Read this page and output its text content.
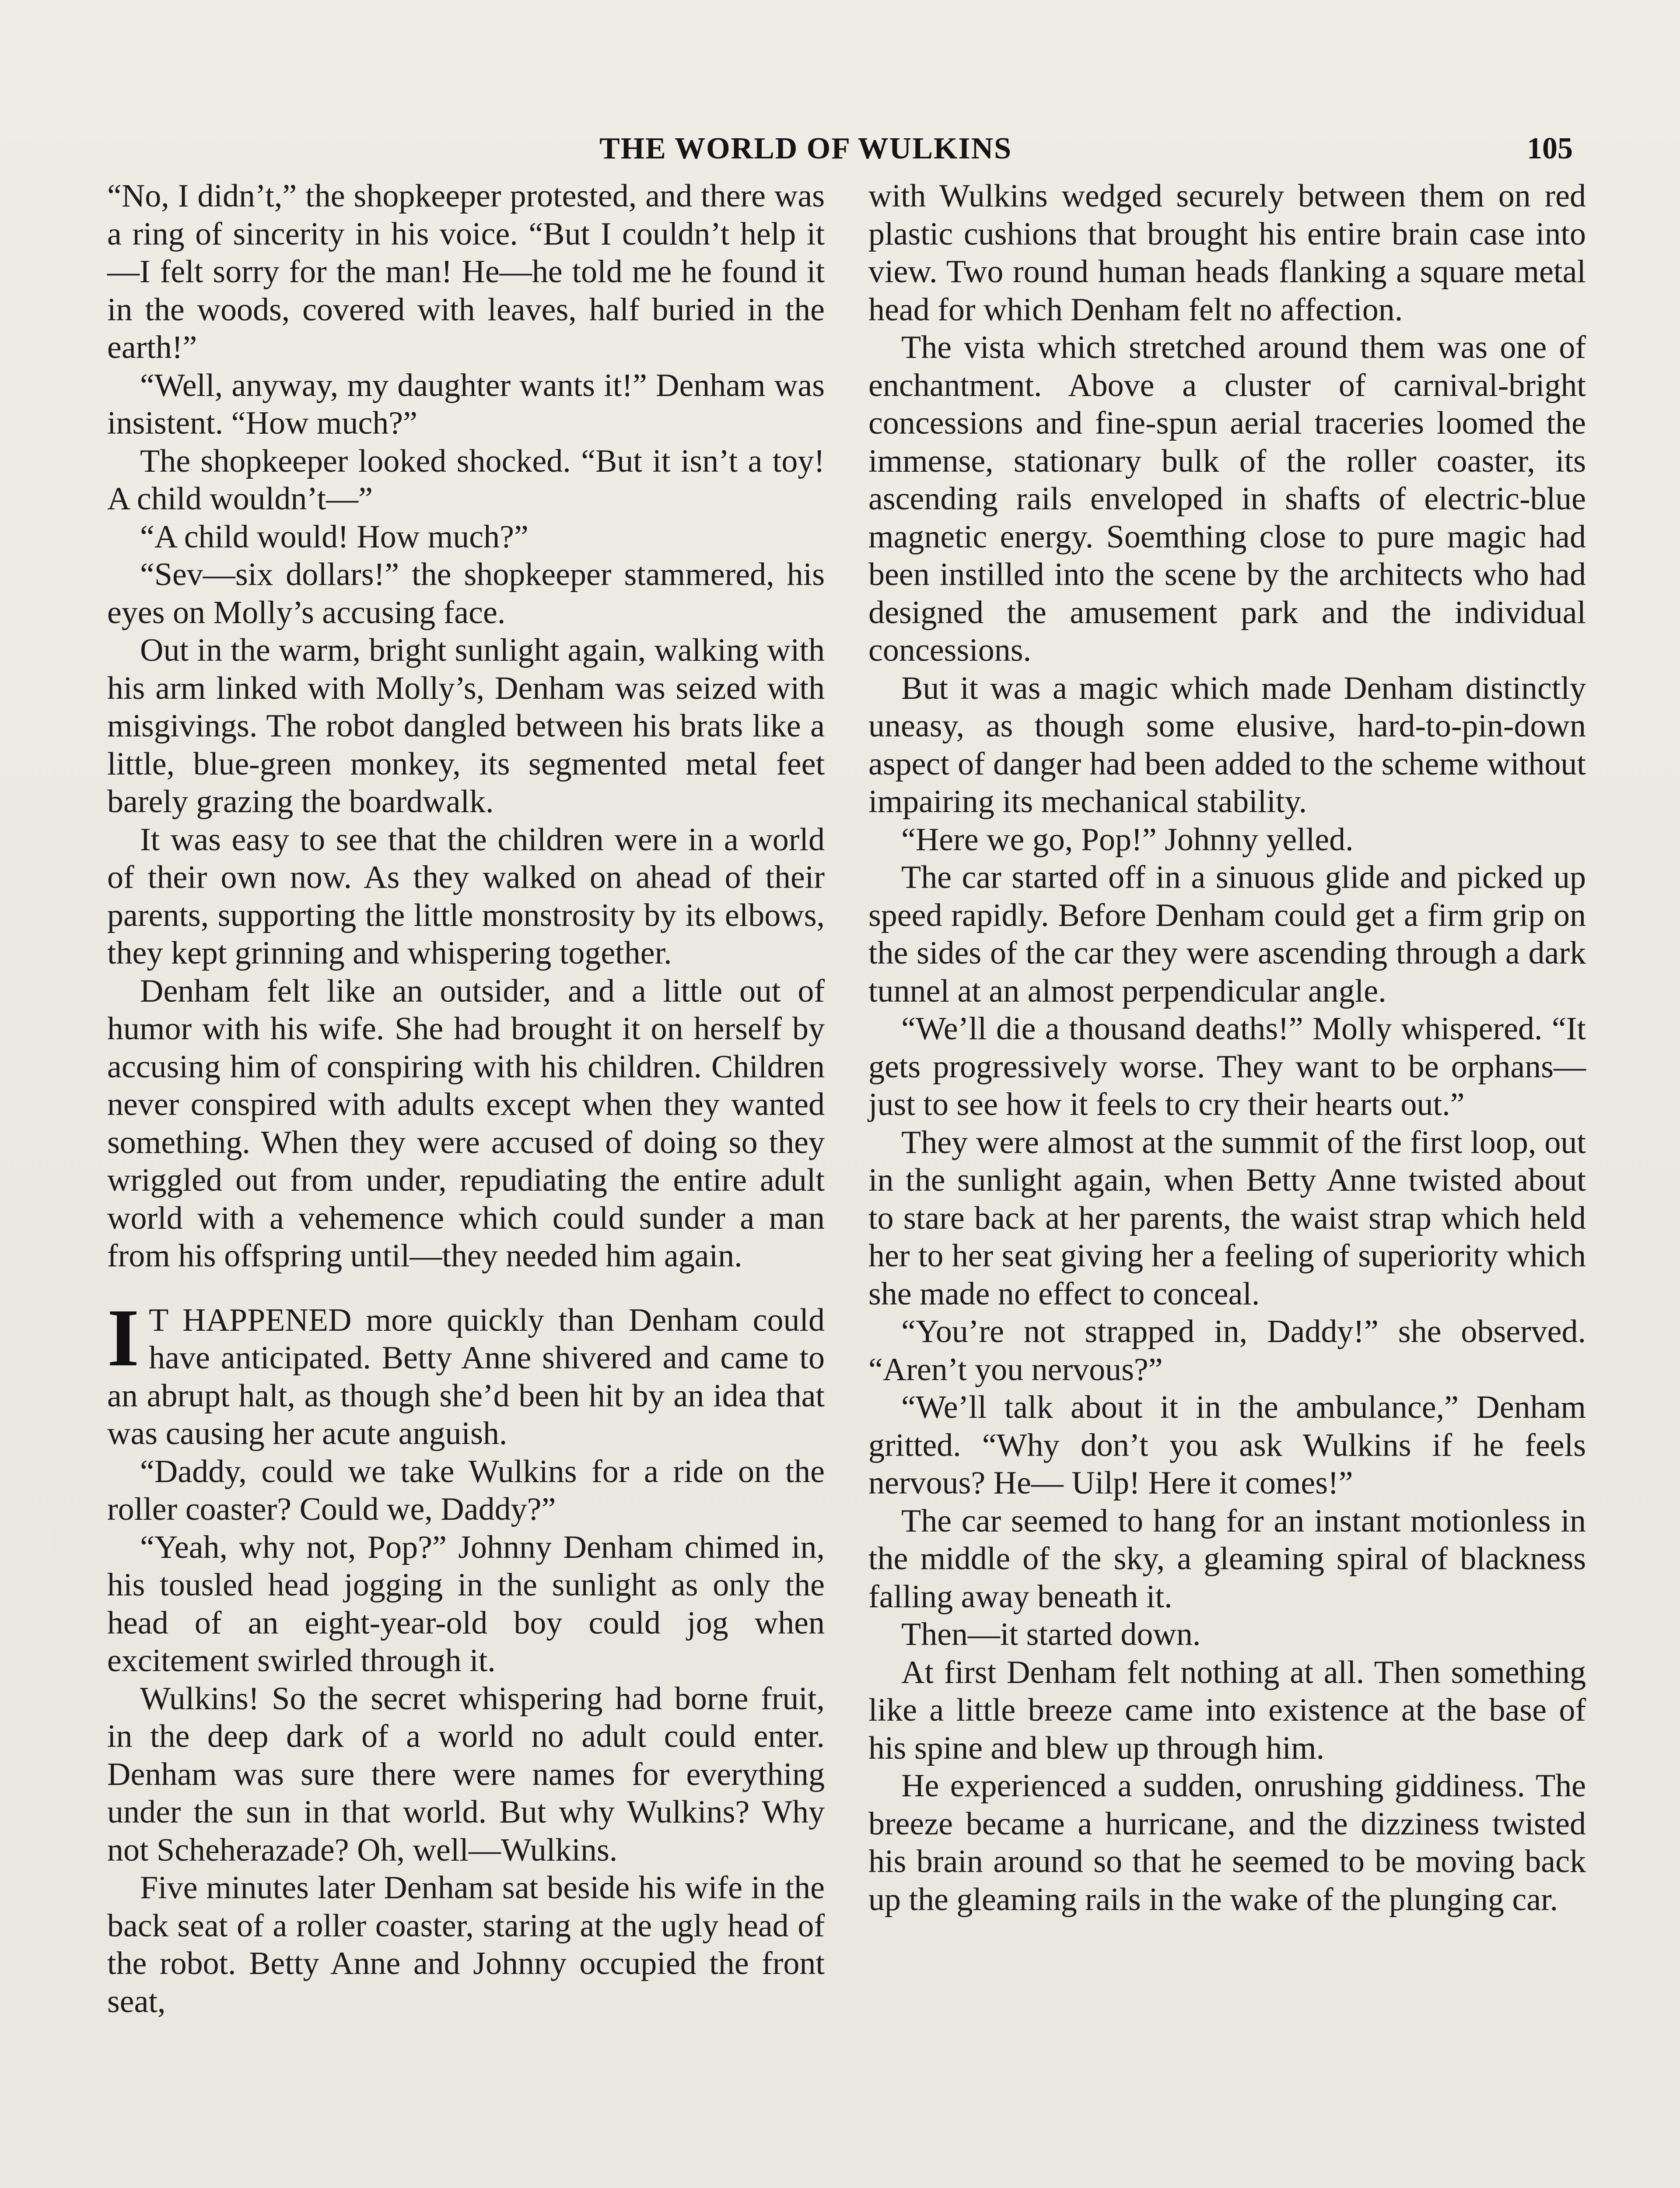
THE WORLD OF WULKINS	105

“No, I didn’t,” the shopkeeper protested, and there was a ring of sincerity in his voice. “But I couldn’t help it—I felt sorry for the man! He—he told me he found it in the woods, covered with leaves, half buried in the earth!”

“Well, anyway, my daughter wants it!” Denham was insistent. “How much?”

The shopkeeper looked shocked. “But it isn’t a toy! A child wouldn’t—”

“A child would! How much?”

“Sev—six dollars!” the shopkeeper stammered, his eyes on Molly’s accusing face.

Out in the warm, bright sunlight again, walking with his arm linked with Molly’s, Denham was seized with misgivings. The robot dangled between his brats like a little, blue-green monkey, its segmented metal feet barely grazing the boardwalk.

It was easy to see that the children were in a world of their own now. As they walked on ahead of their parents, supporting the little monstrosity by its elbows, they kept grinning and whispering together.

Denham felt like an outsider, and a little out of humor with his wife. She had brought it on herself by accusing him of conspiring with his children. Children never conspired with adults except when they wanted something. When they were accused of doing so they wriggled out from under, repudiating the entire adult world with a vehemence which could sunder a man from his offspring until—they needed him again.

I T HAPPENED more quickly than Denham could have anticipated. Betty Anne shivered and came to an abrupt halt, as though she’d been hit by an idea that was causing her acute anguish.

“Daddy, could we take Wulkins for a ride on the roller coaster? Could we, Daddy?”

“Yeah, why not, Pop?” Johnny Denham chimed in, his tousled head jogging in the sunlight as only the head of an eight-year-old boy could jog when excitement swirled through it.

Wulkins! So the secret whispering had borne fruit, in the deep dark of a world no adult could enter. Denham was sure there were names for everything under the sun in that world. But why Wulkins? Why not Scheherazade? Oh, well—Wulkins.

Five minutes later Denham sat beside his wife in the back seat of a roller coaster, staring at the ugly head of the robot. Betty Anne and Johnny occupied the front seat,

with Wulkins wedged securely between them on red plastic cushions that brought his entire brain case into view. Two round human heads flanking a square metal head for which Denham felt no affection.

The vista which stretched around them was one of enchantment. Above a cluster of carnival-bright concessions and fine-spun aerial traceries loomed the immense, stationary bulk of the roller coaster, its ascending rails enveloped in shafts of electric-blue magnetic energy. Soemthing close to pure magic had been instilled into the scene by the architects who had designed the amusement park and the individual concessions.

But it was a magic which made Denham distinctly uneasy, as though some elusive, hard-to-pin-down aspect of danger had been added to the scheme without impairing its mechanical stability.

“Here we go, Pop!” Johnny yelled.

The car started off in a sinuous glide and picked up speed rapidly. Before Denham could get a firm grip on the sides of the car they were ascending through a dark tunnel at an almost perpendicular angle.

“We’ll die a thousand deaths!” Molly whispered. “It gets progressively worse. They want to be orphans—just to see how it feels to cry their hearts out.”

They were almost at the summit of the first loop, out in the sunlight again, when Betty Anne twisted about to stare back at her parents, the waist strap which held her to her seat giving her a feeling of superiority which she made no effect to conceal.

“You’re not strapped in, Daddy!” she observed. “Aren’t you nervous?”

“We’ll talk about it in the ambulance,” Denham gritted. “Why don’t you ask Wulkins if he feels nervous? He— Uilp! Here it comes!”

The car seemed to hang for an instant motionless in the middle of the sky, a gleaming spiral of blackness falling away beneath it.

Then—it started down.

At first Denham felt nothing at all. Then something like a little breeze came into existence at the base of his spine and blew up through him.

He experienced a sudden, onrushing giddiness. The breeze became a hurricane, and the dizziness twisted his brain around so that he seemed to be moving back up the gleaming rails in the wake of the plunging car.
